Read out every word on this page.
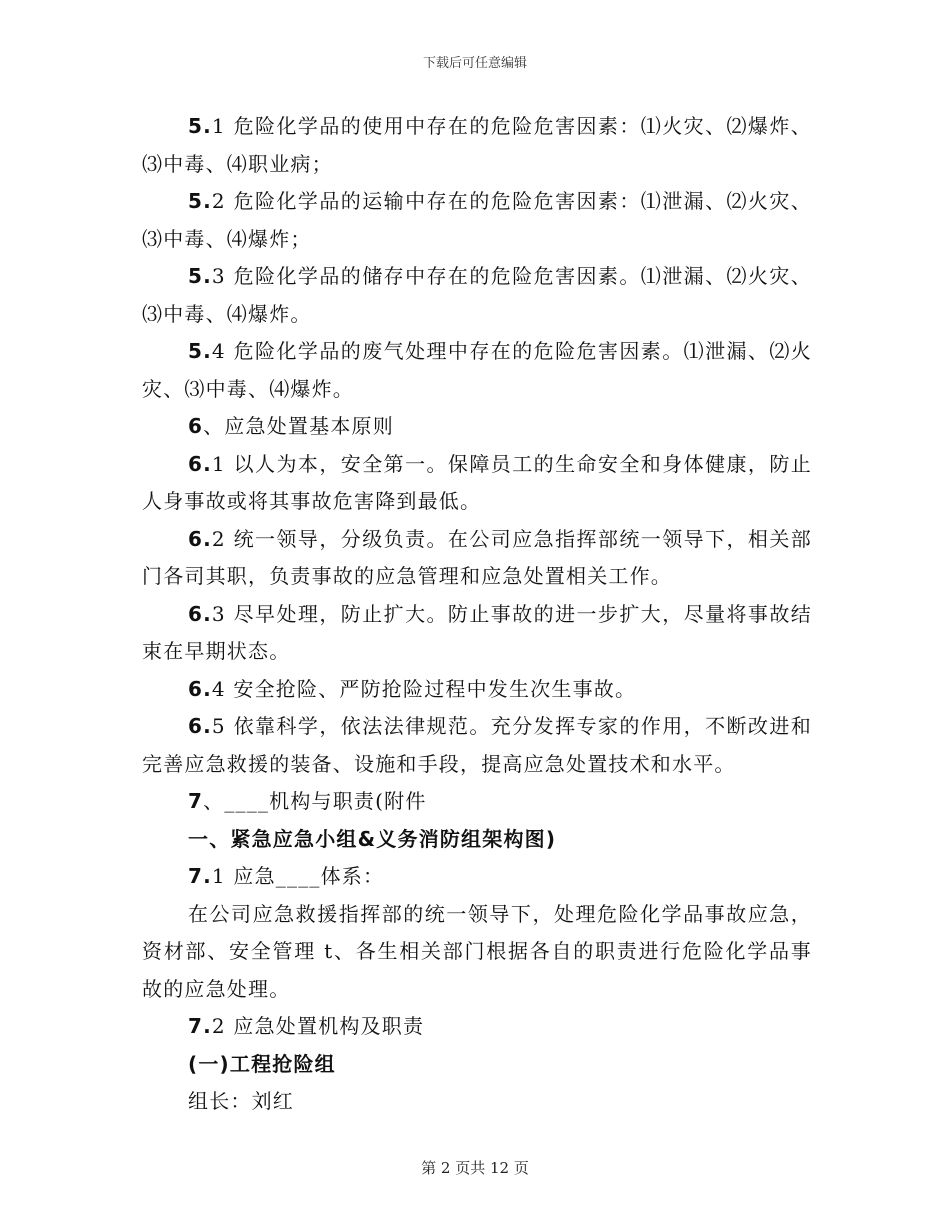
下载后可任意编辑

5.1 危险化学品的使用中存在的危险危害因素：⑴火灾、⑵爆炸、⑶中毒、⑷职业病；

5.2 危险化学品的运输中存在的危险危害因素：⑴泄漏、⑵火灾、⑶中毒、⑷爆炸；

5.3 危险化学品的储存中存在的危险危害因素。⑴泄漏、⑵火灾、⑶中毒、⑷爆炸。

5.4 危险化学品的废气处理中存在的危险危害因素。⑴泄漏、⑵火灾、⑶中毒、⑷爆炸。

6、应急处置基本原则

6.1 以人为本，安全第一。保障员工的生命安全和身体健康，防止人身事故或将其事故危害降到最低。

6.2 统一领导，分级负责。在公司应急指挥部统一领导下，相关部门各司其职，负责事故的应急管理和应急处置相关工作。

6.3 尽早处理，防止扩大。防止事故的进一步扩大，尽量将事故结束在早期状态。

6.4 安全抢险、严防抢险过程中发生次生事故。

6.5 依靠科学，依法法律规范。充分发挥专家的作用，不断改进和完善应急救援的装备、设施和手段，提高应急处置技术和水平。

7、____机构与职责(附件

一、紧急应急小组&义务消防组架构图)

7.1 应急____体系：

在公司应急救援指挥部的统一领导下，处理危险化学品事故应急，资材部、安全管理 t、各生相关部门根据各自的职责进行危险化学品事故的应急处理。

7.2 应急处置机构及职责

(一)工程抢险组

组长：刘红

第 2 页共 12 页
